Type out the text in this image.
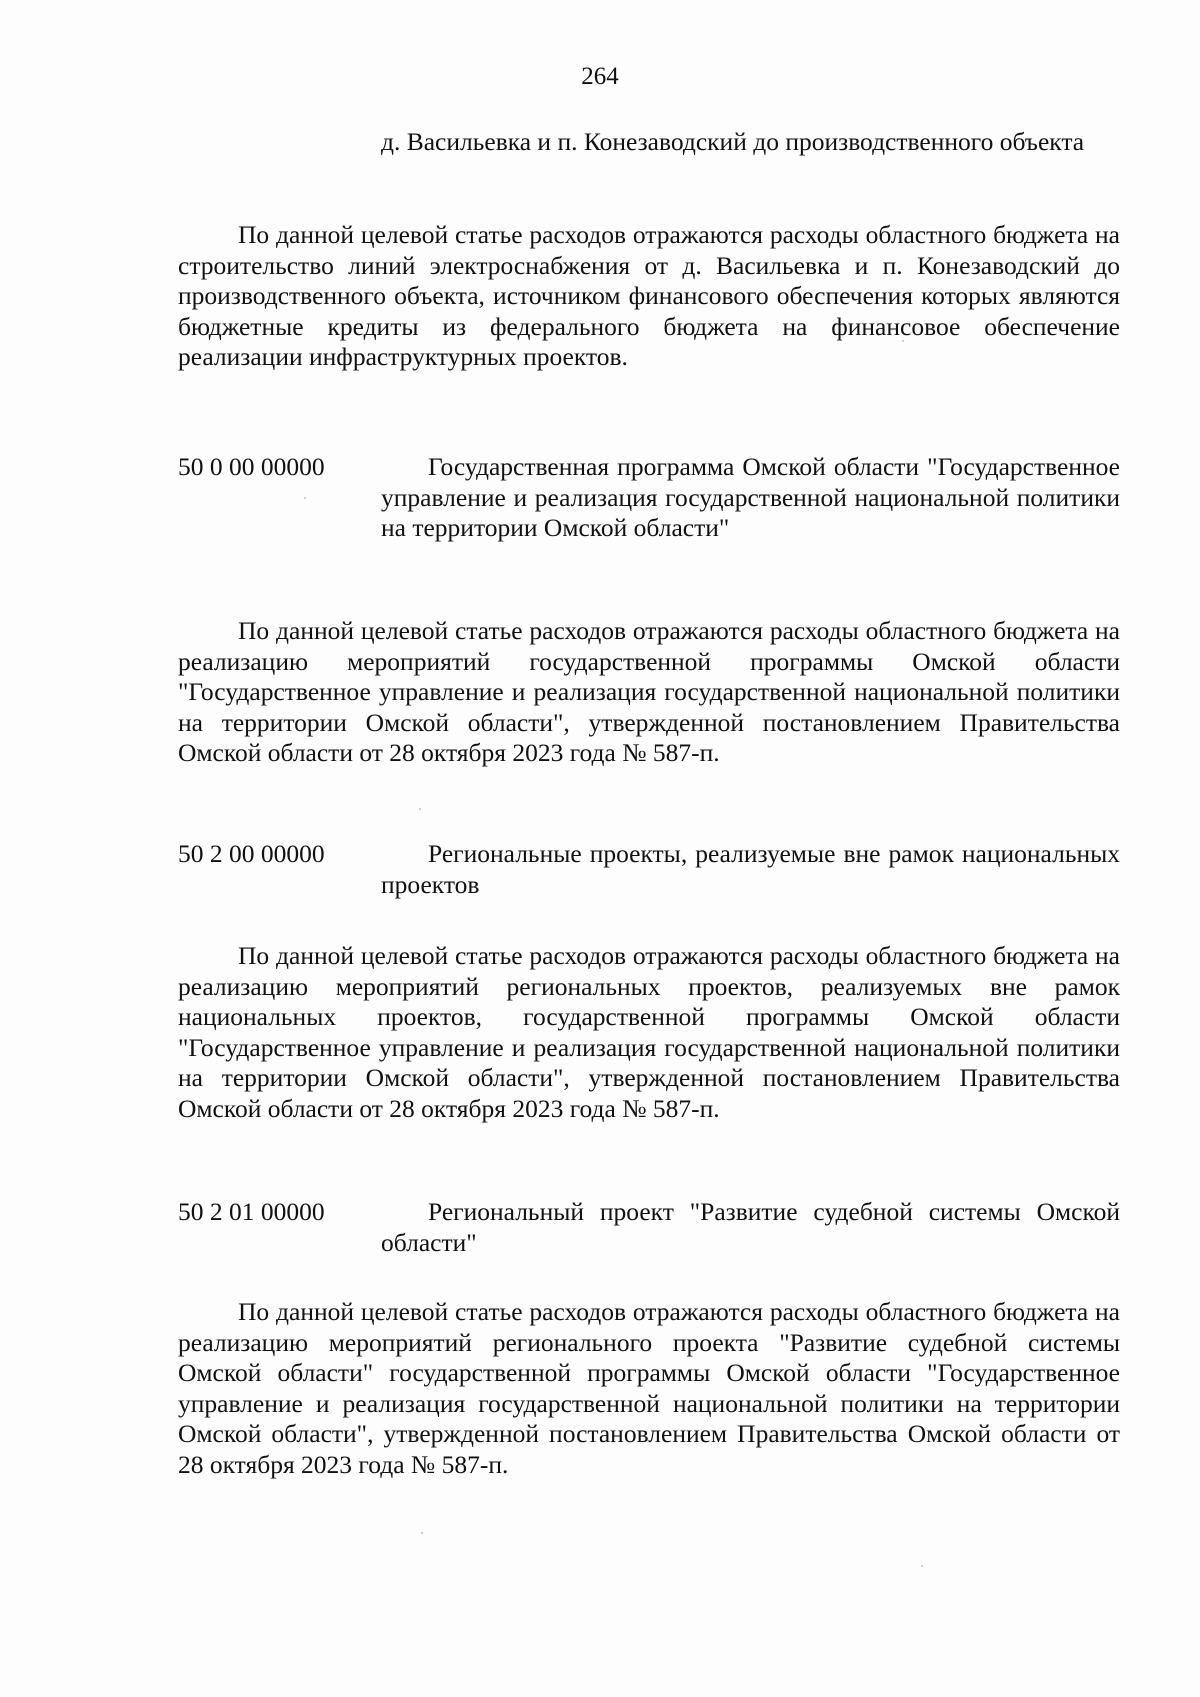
264

д. Васильевка и п. Конезаводский до производственного объекта

По данной целевой статье расходов отражаются расходы областного бюджета на строительство линий электроснабжения от д. Васильевка и п. Конезаводский до производственного объекта, источником финансового обеспечения которых являются бюджетные кредиты из федерального бюджета на финансовое обеспечение реализации инфраструктурных проектов.

50 0 00 00000	Государственная программа Омской области "Государственное управление и реализация государственной национальной политики на территории Омской области"

По данной целевой статье расходов отражаются расходы областного бюджета на реализацию мероприятий государственной программы Омской области "Государственное управление и реализация государственной национальной политики на территории Омской области", утвержденной постановлением Правительства Омской области от 28 октября 2023 года № 587-п.

50 2 00 00000	Региональные проекты, реализуемые вне рамок национальных проектов

По данной целевой статье расходов отражаются расходы областного бюджета на реализацию мероприятий региональных проектов, реализуемых вне рамок национальных проектов, государственной программы Омской области "Государственное управление и реализация государственной национальной политики на территории Омской области", утвержденной постановлением Правительства Омской области от 28 октября 2023 года № 587-п.

50 2 01 00000	Региональный проект "Развитие судебной системы Омской области"

По данной целевой статье расходов отражаются расходы областного бюджета на реализацию мероприятий регионального проекта "Развитие судебной системы Омской области" государственной программы Омской области "Государственное управление и реализация государственной национальной политики на территории Омской области", утвержденной постановлением Правительства Омской области от 28 октября 2023 года № 587-п.
